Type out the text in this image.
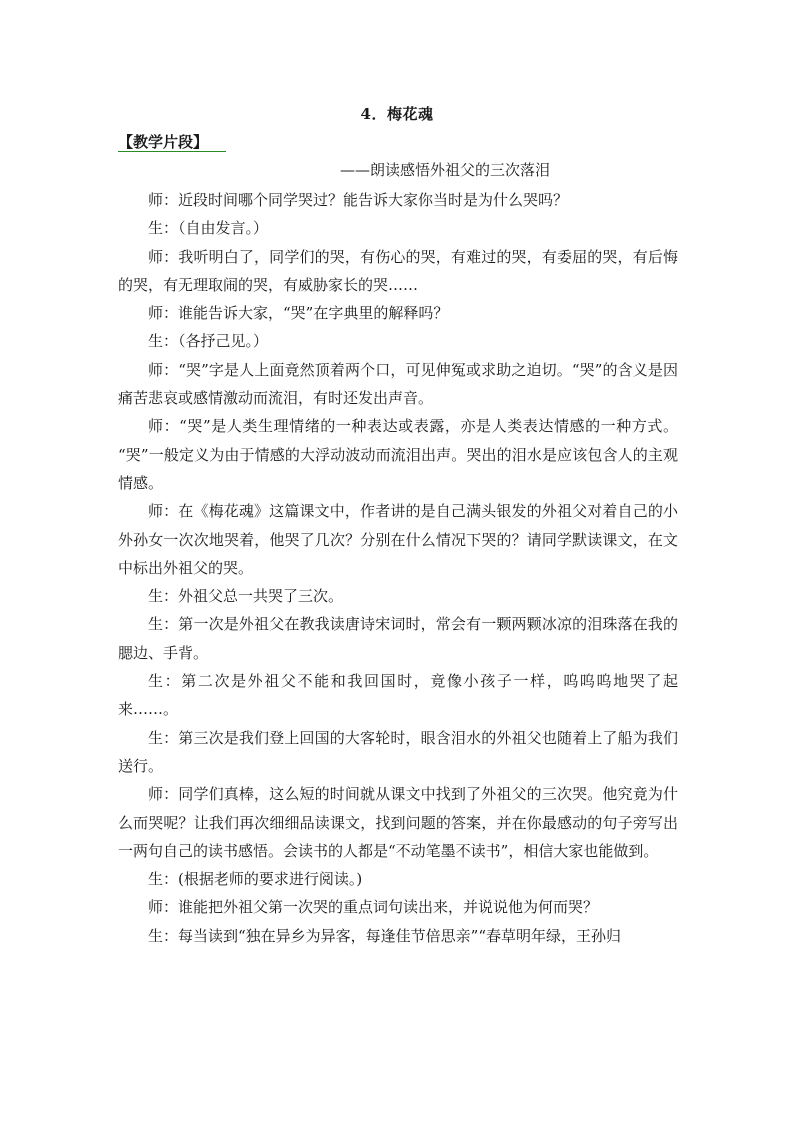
4．梅花魂
【教学片段】
——朗读感悟外祖父的三次落泪

师：近段时间哪个同学哭过？能告诉大家你当时是为什么哭吗？

生：（自由发言。）

师：我听明白了，同学们的哭，有伤心的哭，有难过的哭，有委屈的哭，有后悔的哭，有无理取闹的哭，有威胁家长的哭……

师：谁能告诉大家，“哭”在字典里的解释吗？

生：（各抒己见。）

师：“哭”字是人上面竟然顶着两个口，可见伸冤或求助之迫切。“哭”的含义是因痛苦悲哀或感情激动而流泪，有时还发出声音。

师：“哭”是人类生理情绪的一种表达或表露，亦是人类表达情感的一种方式。 “哭”一般定义为由于情感的大浮动波动而流泪出声。哭出的泪水是应该包含人的主观情感。

师：在《梅花魂》这篇课文中，作者讲的是自己满头银发的外祖父对着自己的小外孙女一次次地哭着，他哭了几次？分别在什么情况下哭的？请同学默读课文，在文中标出外祖父的哭。

生：外祖父总一共哭了三次。

生：第一次是外祖父在教我读唐诗宋词时，常会有一颗两颗冰凉的泪珠落在我的腮边、手背。

生：第二次是外祖父不能和我回国时，竟像小孩子一样，呜呜呜地哭了起来……。

生：第三次是我们登上回国的大客轮时，眼含泪水的外祖父也随着上了船为我们送行。

师：同学们真棒，这么短的时间就从课文中找到了外祖父的三次哭。他究竟为什么而哭呢？让我们再次细细品读课文，找到问题的答案，并在你最感动的句子旁写出一两句自己的读书感悟。会读书的人都是“不动笔墨不读书”，相信大家也能做到。

生：(根据老师的要求进行阅读。)

师：谁能把外祖父第一次哭的重点词句读出来，并说说他为何而哭？

生：每当读到“独在异乡为异客，每逢佳节倍思亲”“春草明年绿，王孙归
